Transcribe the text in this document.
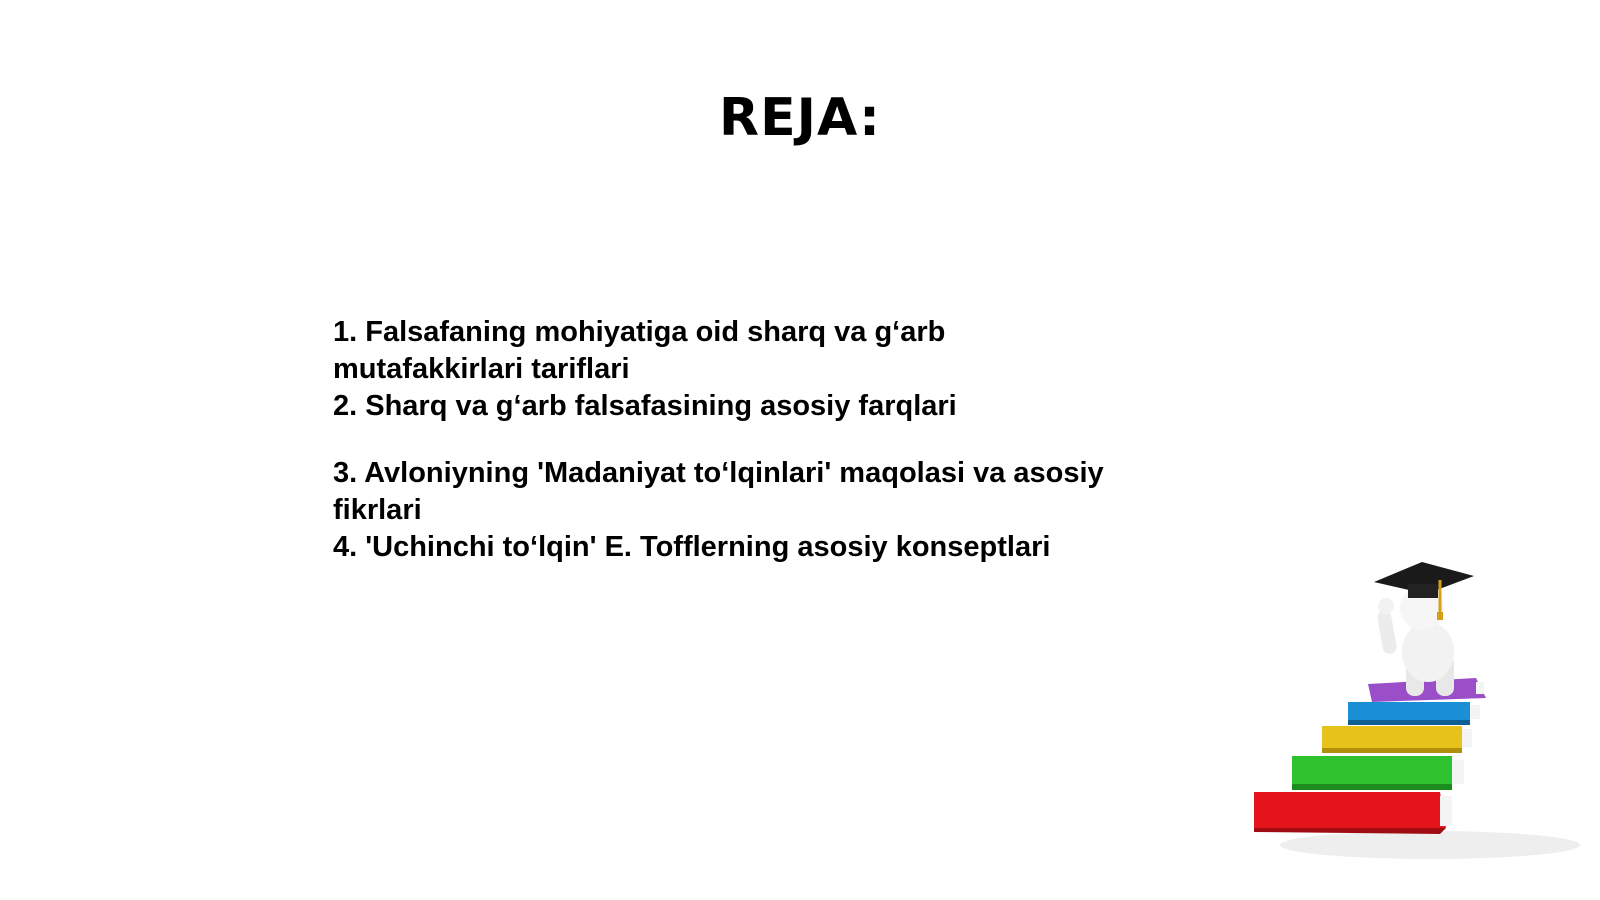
REJA:
1. Falsafaning mohiyatiga oid sharq va g‘arb mutafakkirlari tariflari
2. Sharq va g‘arb falsafasining asosiy farqlari
3. Avloniyning 'Madaniyat to‘lqinlari' maqolasi va asosiy fikrlari
4. 'Uchinchi to‘lqin' E. Tofflerning asosiy konseptlari
